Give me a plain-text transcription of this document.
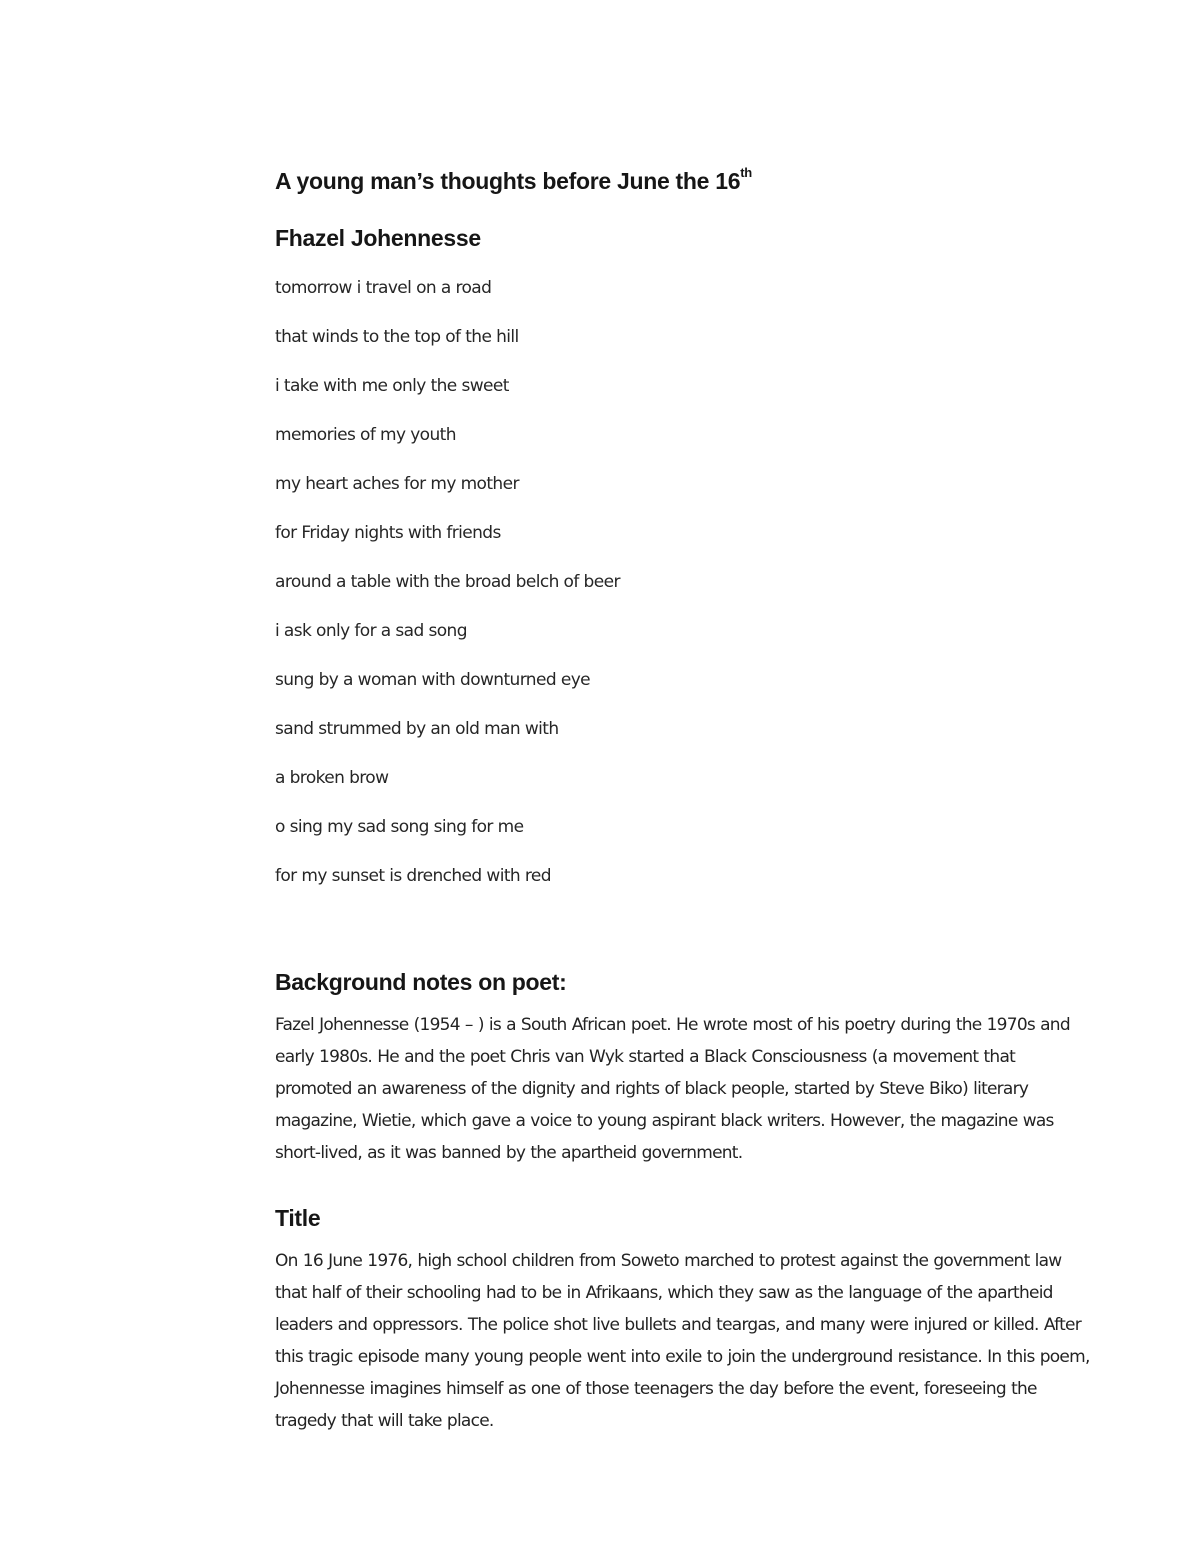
A young man’s thoughts before June the 16th
Fhazel Johennesse
tomorrow i travel on a road
that winds to the top of the hill
i take with me only the sweet
memories of my youth
my heart aches for my mother
for Friday nights with friends
around a table with the broad belch of beer
i ask only for a sad song
sung by a woman with downturned eye
sand strummed by an old man with
a broken brow
o sing my sad song sing for me
for my sunset is drenched with red
Background notes on poet:

Fazel Johennesse (1954 – ) is a South African poet. He wrote most of his poetry during the 1970s and early 1980s. He and the poet Chris van Wyk started a Black Consciousness (a movement that promoted an awareness of the dignity and rights of black people, started by Steve Biko) literary magazine, Wietie, which gave a voice to young aspirant black writers. However, the magazine was short-lived, as it was banned by the apartheid government.

Title

On 16 June 1976, high school children from Soweto marched to protest against the government law that half of their schooling had to be in Afrikaans, which they saw as the language of the apartheid leaders and oppressors. The police shot live bullets and teargas, and many were injured or killed. After this tragic episode many young people went into exile to join the underground resistance. In this poem, Johennesse imagines himself as one of those teenagers the day before the event, foreseeing the tragedy that will take place.
